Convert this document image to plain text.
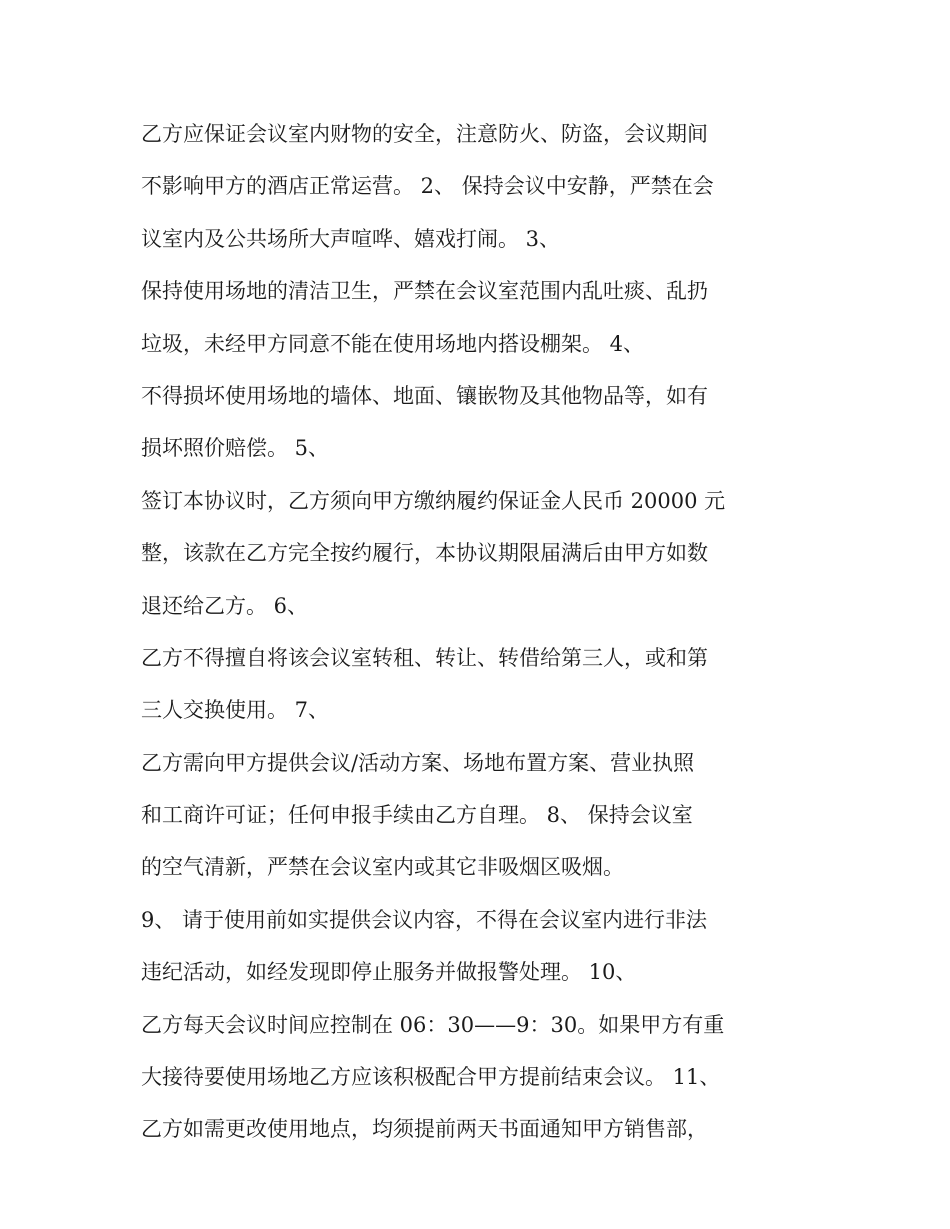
乙方应保证会议室内财物的安全，注意防火、防盗，会议期间
不影响甲方的酒店正常运营。 2、 保持会议中安静，严禁在会
议室内及公共场所大声喧哗、嬉戏打闹。 3、
保持使用场地的清洁卫生，严禁在会议室范围内乱吐痰、乱扔
垃圾，未经甲方同意不能在使用场地内搭设棚架。 4、
不得损坏使用场地的墙体、地面、镶嵌物及其他物品等，如有
损坏照价赔偿。 5、
签订本协议时，乙方须向甲方缴纳履约保证金人民币 20000 元
整，该款在乙方完全按约履行，本协议期限届满后由甲方如数
退还给乙方。 6、
乙方不得擅自将该会议室转租、转让、转借给第三人，或和第
三人交换使用。 7、
乙方需向甲方提供会议/活动方案、场地布置方案、营业执照
和工商许可证；任何申报手续由乙方自理。 8、 保持会议室
的空气清新，严禁在会议室内或其它非吸烟区吸烟。
9、 请于使用前如实提供会议内容，不得在会议室内进行非法
违纪活动，如经发现即停止服务并做报警处理。 10、
乙方每天会议时间应控制在 06：30——9：30。如果甲方有重
大接待要使用场地乙方应该积极配合甲方提前结束会议。 11、
乙方如需更改使用地点，均须提前两天书面通知甲方销售部，
